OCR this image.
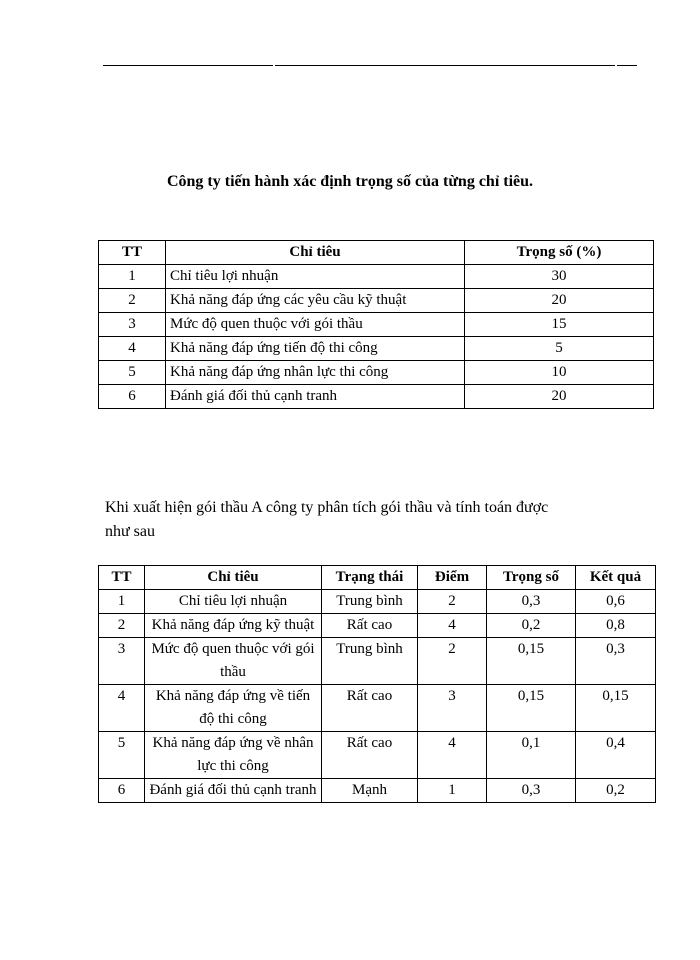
Công ty tiến hành xác định trọng số của từng chỉ tiêu.
TT	Chỉ tiêu	Trọng số (%)
1	Chỉ tiêu lợi nhuận	30
2	Khả năng đáp ứng các yêu cầu kỹ thuật	20
3	Mức độ quen thuộc với gói thầu	15
4	Khả năng đáp ứng tiến độ thi công	5
5	Khả năng đáp ứng nhân lực thi công	10
6	Đánh giá đối thủ cạnh tranh	20
Khi xuất hiện gói thầu A công ty phân tích gói thầu và tính toán được
như sau
TT	Chỉ tiêu	Trạng thái	Điểm	Trọng số	Kết quả
1	Chỉ tiêu lợi nhuận	Trung bình	2	0,3	0,6
2	Khả năng đáp ứng kỹ thuật	Rất cao	4	0,2	0,8
3	Mức độ quen thuộc với gói thầu	Trung bình	2	0,15	0,3
4	Khả năng đáp ứng về tiến độ thi công	Rất cao	3	0,15	0,15
5	Khả năng đáp ứng về nhân lực thi công	Rất cao	4	0,1	0,4
6	Đánh giá đối thủ cạnh tranh	Mạnh	1	0,3	0,2
